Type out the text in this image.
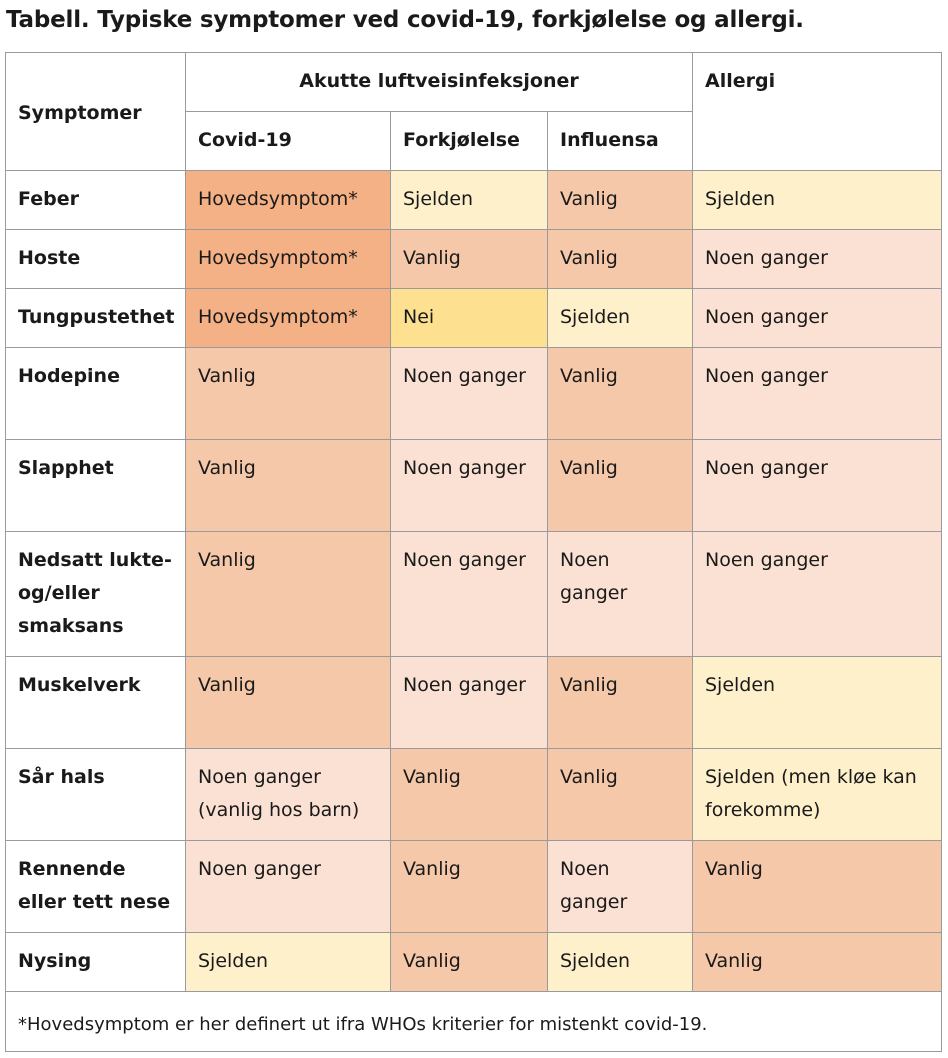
Tabell. Typiske symptomer ved covid-19, forkjølelse og allergi.
Symptomer	Akutte luftveisinfeksjoner			Allergi
	Covid-19	Forkjølelse	Influensa	
Feber	Hovedsymptom*	Sjelden	Vanlig	Sjelden
Hoste	Hovedsymptom*	Vanlig	Vanlig	Noen ganger
Tungpustethet	Hovedsymptom*	Nei	Sjelden	Noen ganger
Hodepine	Vanlig	Noen ganger	Vanlig	Noen ganger
Slapphet	Vanlig	Noen ganger	Vanlig	Noen ganger
Nedsatt lukte- og/eller smaksans	Vanlig	Noen ganger	Noen ganger	Noen ganger
Muskelverk	Vanlig	Noen ganger	Vanlig	Sjelden
Sår hals	Noen ganger (vanlig hos barn)	Vanlig	Vanlig	Sjelden (men kløe kan forekomme)
Rennende eller tett nese	Noen ganger	Vanlig	Noen ganger	Vanlig
Nysing	Sjelden	Vanlig	Sjelden	Vanlig
*Hovedsymptom er her definert ut ifra WHOs kriterier for mistenkt covid-19.				
